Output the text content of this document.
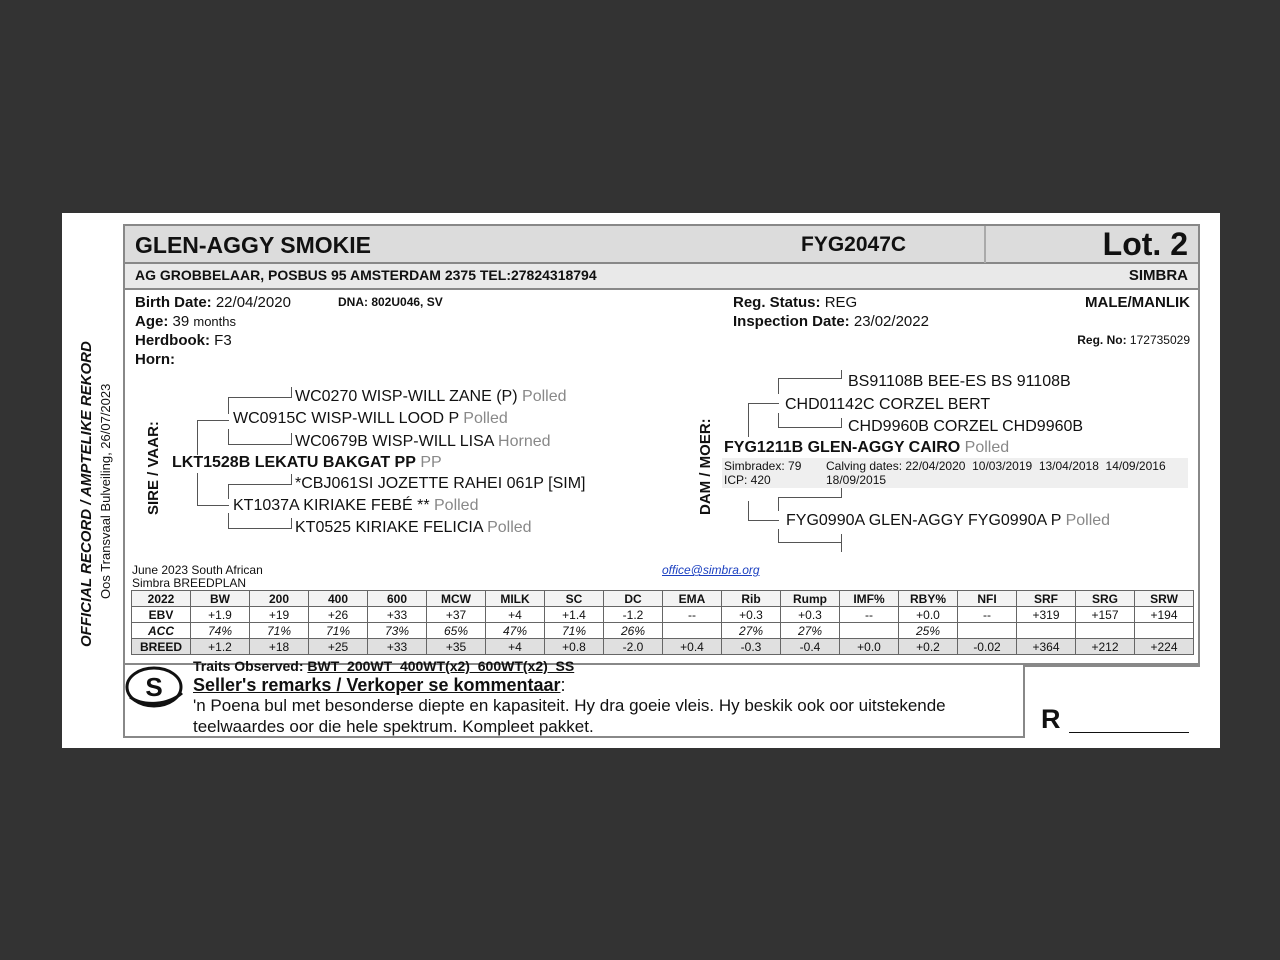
OFFICIAL RECORD / AMPTELIKE REKORD Oos Transvaal Bulveiling, 26/07/2023
GLEN-AGGY SMOKIE	FYG2047C	Lot. 2
AG GROBBELAAR, POSBUS 95 AMSTERDAM 2375 TEL:27824318794	SIMBRA
Birth Date: 22/04/2020	DNA: 802U046, SV
Age: 39 months
Herdbook: F3
Horn:
Reg. Status: REG
Inspection Date: 23/02/2022
MALE/MANLIK
Reg. No: 172735029
SIRE / VAAR:
WC0270 WISP-WILL ZANE (P) Polled
WC0915C WISP-WILL LOOD P Polled
WC0679B WISP-WILL LISA Horned
LKT1528B LEKATU BAKGAT PP PP
*CBJ061SI JOZETTE RAHEI 061P [SIM]
KT1037A KIRIAKE FEBÉ ** Polled
KT0525 KIRIAKE FELICIA Polled
DAM / MOER:
BS91108B BEE-ES BS 91108B
CHD01142C CORZEL BERT
CHD9960B CORZEL CHD9960B
FYG1211B GLEN-AGGY CAIRO Polled
Simbradex: 79
ICP: 420
Calving dates: 22/04/2020  10/03/2019  13/04/2018  14/09/2016
18/09/2015
FYG0990A GLEN-AGGY FYG0990A P Polled
June 2023 South African
Simbra BREEDPLAN
office@simbra.org
2022	BW	200	400	600	MCW	MILK	SC	DC	EMA	Rib	Rump	IMF%	RBY%	NFI	SRF	SRG	SRW
EBV	+1.9	+19	+26	+33	+37	+4	+1.4	-1.2	--	+0.3	+0.3	--	+0.0	--	+319	+157	+194
ACC	74%	71%	71%	73%	65%	47%	71%	26%		27%	27%		25%				
BREED	+1.2	+18	+25	+33	+35	+4	+0.8	-2.0	+0.4	-0.3	-0.4	+0.0	+0.2	-0.02	+364	+212	+224
S
Traits Observed: BWT  200WT  400WT(x2)  600WT(x2)  SS
Seller's remarks / Verkoper se kommentaar:
'n Poena bul met besonderse diepte en kapasiteit. Hy dra goeie vleis. Hy beskik ook oor uitstekende
teelwaardes oor die hele spektrum. Kompleet pakket.	R
